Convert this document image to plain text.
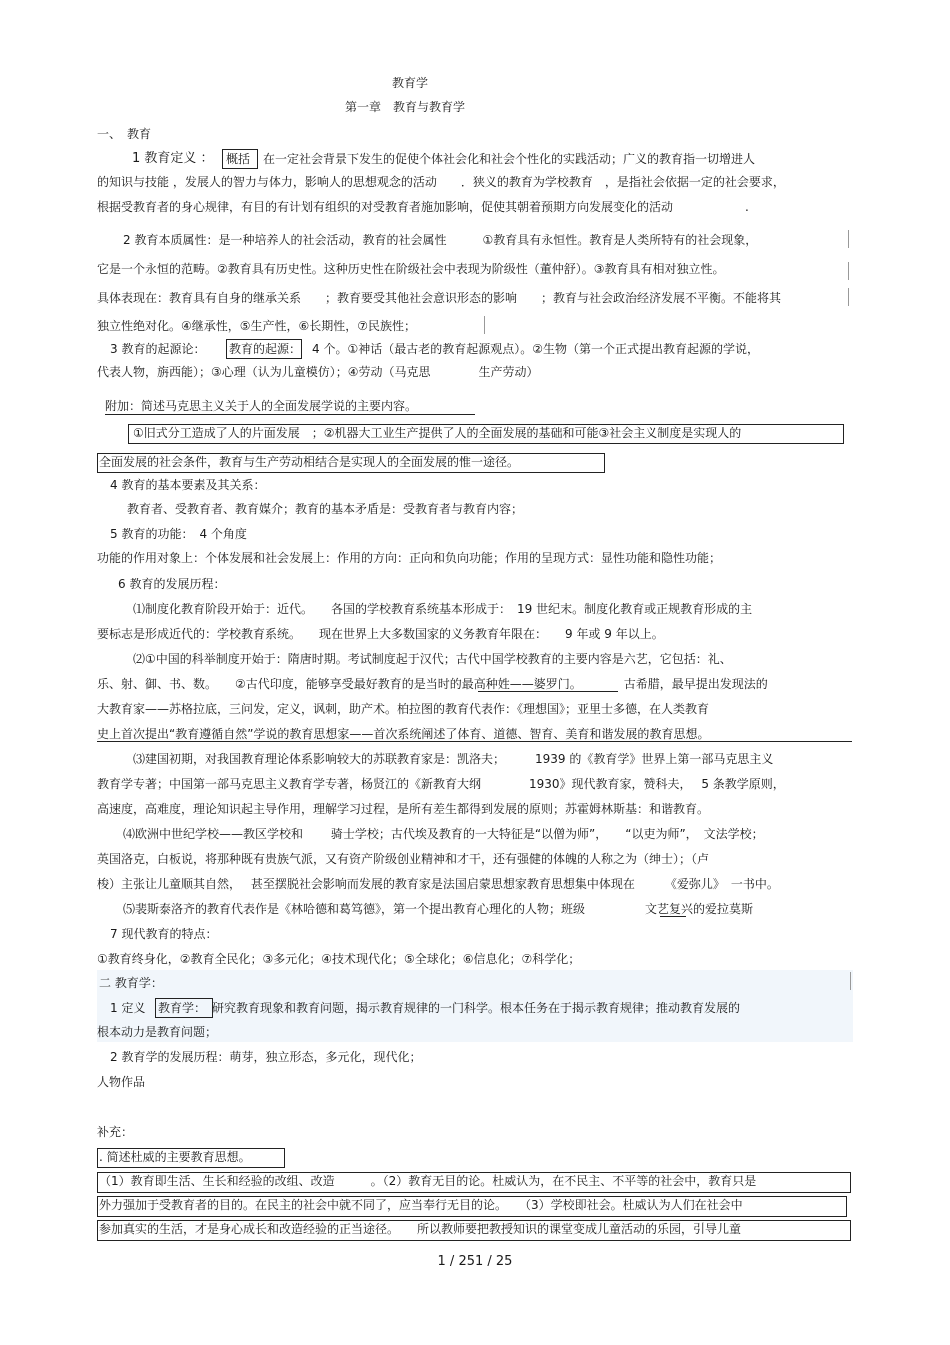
教育学
第一章　教育与教育学
一、　教育
1 教育定义 ： 概括 在一定社会背景下发生的促使个体社会化和社会个性化的实践活动；广义的教育指一切增进人
的知识与技能 ，发展人的智力与体力，影响人的思想观念的活动　　．狭义的教育为学校教育　，是指社会依据一定的社会要求，
根据受教育者的身心规律，有目的有计划有组织的对受教育者施加影响，促使其朝着预期方向发展变化的活动　　　　　　.
2 教育本质属性：是一种培养人的社会活动，教育的社会属性　　　①教育具有永恒性。教育是人类所特有的社会现象，
它是一个永恒的范畴。②教育具有历史性。这种历史性在阶级社会中表现为阶级性（董仲舒）。③教育具有相对独立性。
具体表现在：教育具有自身的继承关系　　；教育要受其他社会意识形态的影响　　；教育与社会政治经济发展不平衡。不能将其
独立性绝对化。④继承性，⑤生产性，⑥长期性，⑦民族性；
3 教育的起源论： 教育的起源： 4 个。①神话（最古老的教育起源观点）。②生物（第一个正式提出教育起源的学说，
代表人物，旃西能）；③心理（认为儿童模仿）；④劳动（马克思　　　　生产劳动）
附加：简述马克思主义关于人的全面发展学说的主要内容。
①旧式分工造成了人的片面发展　；②机器大工业生产提供了人的全面发展的基础和可能③社会主义制度是实现人的
全面发展的社会条件，教育与生产劳动相结合是实现人的全面发展的惟一途径。
4 教育的基本要素及其关系：
教育者、受教育者、教育媒介；教育的基本矛盾是：受教育者与教育内容；
5 教育的功能：　4 个角度
功能的作用对象上：个体发展和社会发展上：作用的方向：正向和负向功能；作用的呈现方式：显性功能和隐性功能；
6 教育的发展历程：
⑴制度化教育阶段开始于：近代。　　各国的学校教育系统基本形成于：　19 世纪末。制度化教育或正规教育形成的主
要标志是形成近代的：学校教育系统。　　现在世界上大多数国家的义务教育年限在：　　9 年或 9 年以上。
⑵①中国的科举制度开始于：隋唐时期。考试制度起于汉代；古代中国学校教育的主要内容是六艺，它包括：礼、
乐、射、御、书、数。　　②古代印度，能够享受最好教育的是当时的最高种姓——婆罗门。　　　　古希腊，最早提出发现法的
大教育家——苏格拉底，三问发，定义，讽刺，助产术。柏拉图的教育代表作：《理想国》；亚里士多德，在人类教育
史上首次提出“教育遵循自然”学说的教育思想家——首次系统阐述了体育、道德、智育、美育和谐发展的教育思想。
⑶建国初期，对我国教育理论体系影响较大的苏联教育家是：凯洛夫；　　　1939 的《教育学》世界上第一部马克思主义
教育学专著；中国第一部马克思主义教育学专著，杨贤江的《新教育大纲　　　　1930》现代教育家，赞科夫，　 5 条教学原则，
高速度，高难度，理论知识起主导作用，理解学习过程，是所有差生都得到发展的原则；苏霍姆林斯基：和谐教育。
⑷欧洲中世纪学校——教区学校和　　 骑士学校；古代埃及教育的一大特征是“以僧为师”，　　“以吏为师”，　文法学校；
英国洛克，白板说，将那种既有贵族气派，又有资产阶级创业精神和才干，还有强健的体魄的人称之为（绅士）；（卢
梭）主张让儿童顺其自然，　 甚至摆脱社会影响而发展的教育家是法国启蒙思想家教育思想集中体现在　　　《爱弥儿》　一书中。
⑸裴斯泰洛齐的教育代表作是《林哈德和葛笃德》，第一个提出教育心理化的人物；班级　　　　　文艺复兴的爱拉莫斯
7 现代教育的特点：
①教育终身化，②教育全民化；③多元化；④技术现代化；⑤全球化；⑥信息化；⑦科学化；
二 教育学：
1 定义 教育学： 研究教育现象和教育问题，揭示教育规律的一门科学。根本任务在于揭示教育规律；推动教育发展的
根本动力是教育问题；
2 教育学的发展历程：萌芽，独立形态，多元化，现代化；
人物作品
补充：
. 简述杜威的主要教育思想。
（1）教育即生活、生长和经验的改组、改造　　　。（2）教育无目的论。杜威认为，在不民主、不平等的社会中，教育只是
外力强加于受教育者的目的。在民主的社会中就不同了，应当奉行无目的论。　　（3）学校即社会。杜威认为人们在社会中
参加真实的生活，才是身心成长和改造经验的正当途径。　　所以教师要把教授知识的课堂变成儿童活动的乐园，引导儿童
1 / 251 / 25
